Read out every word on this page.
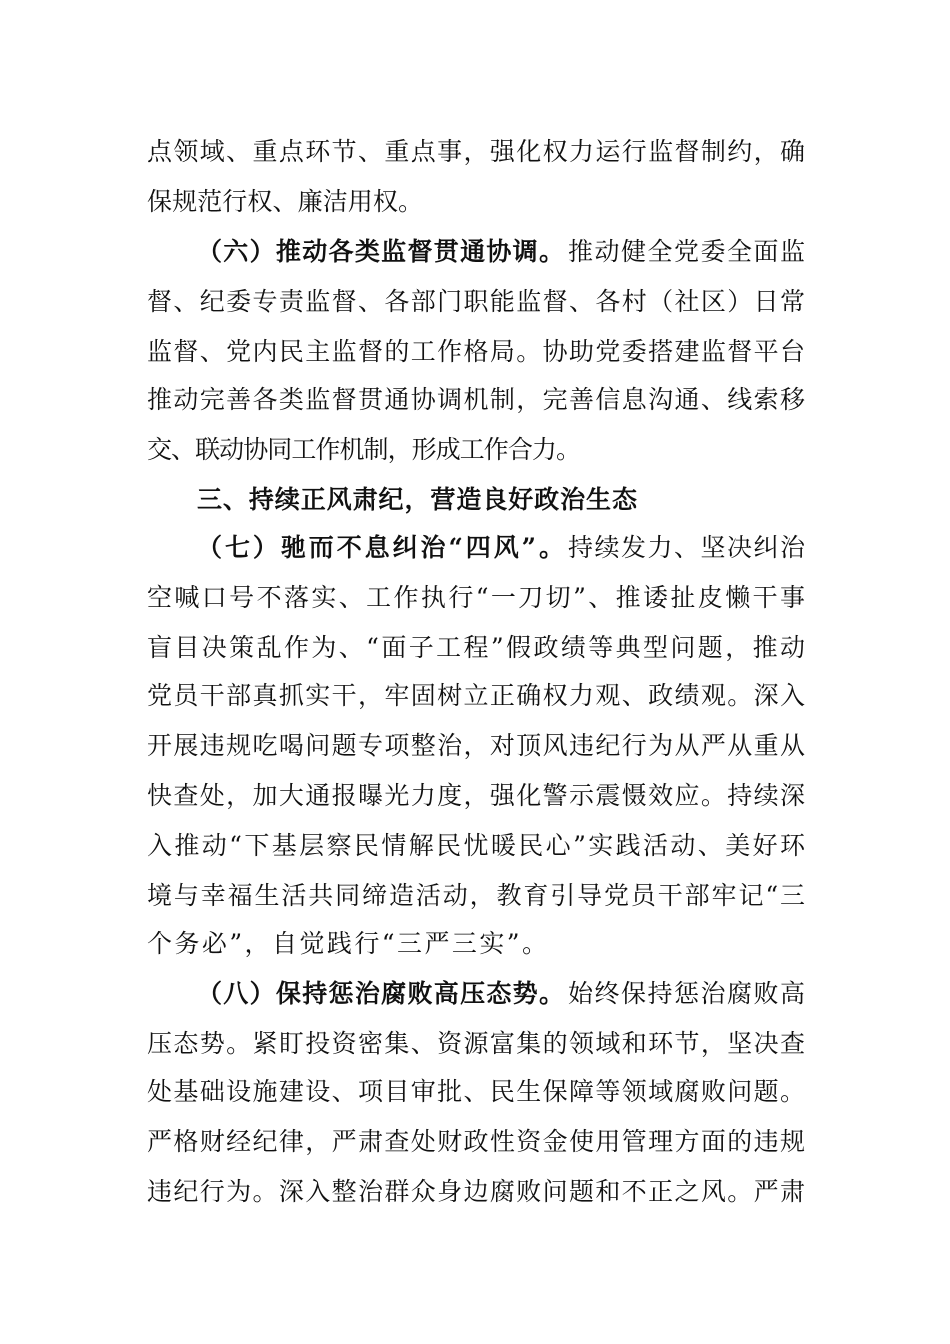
点领域、重点环节、重点事，强化权力运行监督制约，确
保规范行权、廉洁用权。
（六）推动各类监督贯通协调。 推动健全党委全面监
督、纪委专责监督、各部门职能监督、各村（社区）日常
监督、党内民主监督的工作格局。协助党委搭建监督平台
推动完善各类监督贯通协调机制，完善信息沟通、线索移
交、联动协同工作机制，形成工作合力。
三、持续正风肃纪，营造良好政治生态
（七）驰而不息纠治“四风”。 持续发力、坚决纠治
空喊口号不落实、工作执行“一刀切”、推诿扯皮懒干事
盲目决策乱作为、“面子工程”假政绩等典型问题，推动
党员干部真抓实干，牢固树立正确权力观、政绩观。深入
开展违规吃喝问题专项整治，对顶风违纪行为从严从重从
快查处，加大通报曝光力度，强化警示震慑效应。持续深
入推动“下基层察民情解民忧暖民心”实践活动、美好环
境与幸福生活共同缔造活动，教育引导党员干部牢记“三
个务必”，自觉践行“三严三实”。
（八）保持惩治腐败高压态势。 始终保持惩治腐败高
压态势。紧盯投资密集、资源富集的领域和环节，坚决查
处基础设施建设、项目审批、民生保障等领域腐败问题。
严格财经纪律，严肃查处财政性资金使用管理方面的违规
违纪行为。深入整治群众身边腐败问题和不正之风。严肃
